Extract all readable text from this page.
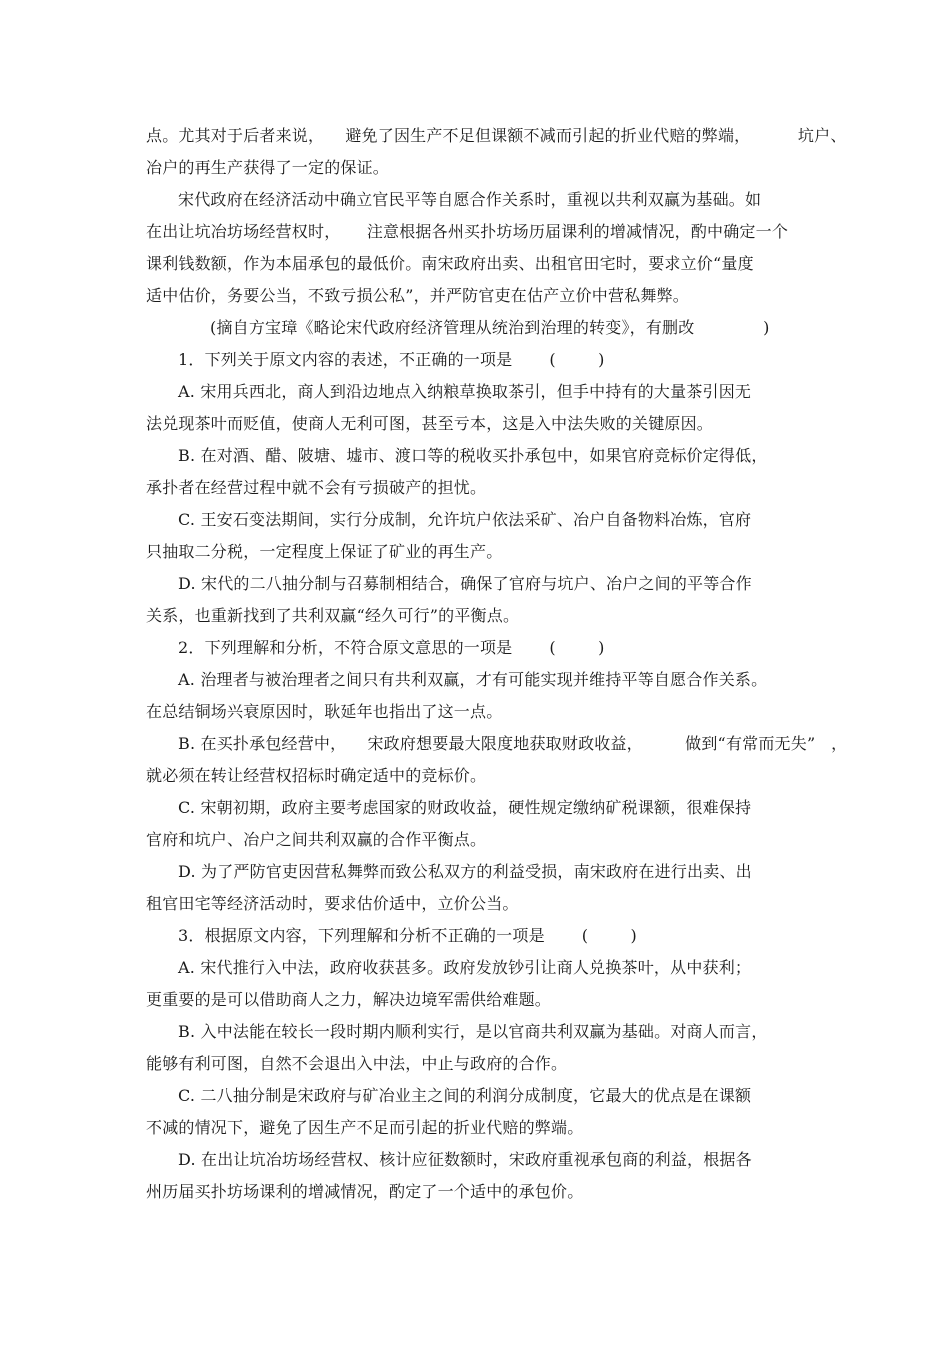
点。尤其对于后者来说，    避免了因生产不足但课额不减而引起的折业代赔的弊端，         坑户、
冶户的再生产获得了一定的保证。
宋代政府在经济活动中确立官民平等自愿合作关系时，重视以共利双赢为基础。如
在出让坑冶坊场经营权时，     注意根据各州买扑坊场历届课利的增减情况，酌中确定一个
课利钱数额，作为本届承包的最低价。南宋政府出卖、出租官田宅时，要求立价“量度
适中估价，务要公当，不致亏损公私”，并严防官吏在估产立价中营私舞弊。
(摘自方宝璋《略论宋代政府经济管理从统治到治理的转变》，有删改             )
1．下列关于原文内容的表述，不正确的一项是       (        )
A. 宋用兵西北，商人到沿边地点入纳粮草换取茶引，但手中持有的大量茶引因无
法兑现茶叶而贬值，使商人无利可图，甚至亏本，这是入中法失败的关键原因。
B. 在对酒、醋、陂塘、墟市、渡口等的税收买扑承包中，如果官府竞标价定得低，
承扑者在经营过程中就不会有亏损破产的担忧。
C. 王安石变法期间，实行分成制，允许坑户依法采矿、冶户自备物料冶炼，官府
只抽取二分税，一定程度上保证了矿业的再生产。
D. 宋代的二八抽分制与召募制相结合，确保了官府与坑户、冶户之间的平等合作
关系，也重新找到了共利双赢“经久可行”的平衡点。
2．下列理解和分析，不符合原文意思的一项是       (        )
A. 治理者与被治理者之间只有共利双赢，才有可能实现并维持平等自愿合作关系。
在总结铜场兴衰原因时，耿延年也指出了这一点。
B. 在买扑承包经营中，    宋政府想要最大限度地获取财政收益，        做到“有常而无失”   ，
就必须在转让经营权招标时确定适中的竞标价。
C. 宋朝初期，政府主要考虑国家的财政收益，硬性规定缴纳矿税课额，很难保持
官府和坑户、冶户之间共利双赢的合作平衡点。
D. 为了严防官吏因营私舞弊而致公私双方的利益受损，南宋政府在进行出卖、出
租官田宅等经济活动时，要求估价适中，立价公当。
3．根据原文内容，下列理解和分析不正确的一项是       (        )
A. 宋代推行入中法，政府收获甚多。政府发放钞引让商人兑换茶叶，从中获利；
更重要的是可以借助商人之力，解决边境军需供给难题。
B. 入中法能在较长一段时期内顺利实行，是以官商共利双赢为基础。对商人而言，
能够有利可图，自然不会退出入中法，中止与政府的合作。
C. 二八抽分制是宋政府与矿冶业主之间的利润分成制度，它最大的优点是在课额
不减的情况下，避免了因生产不足而引起的折业代赔的弊端。
D. 在出让坑冶坊场经营权、核计应征数额时，宋政府重视承包商的利益，根据各
州历届买扑坊场课利的增减情况，酌定了一个适中的承包价。
